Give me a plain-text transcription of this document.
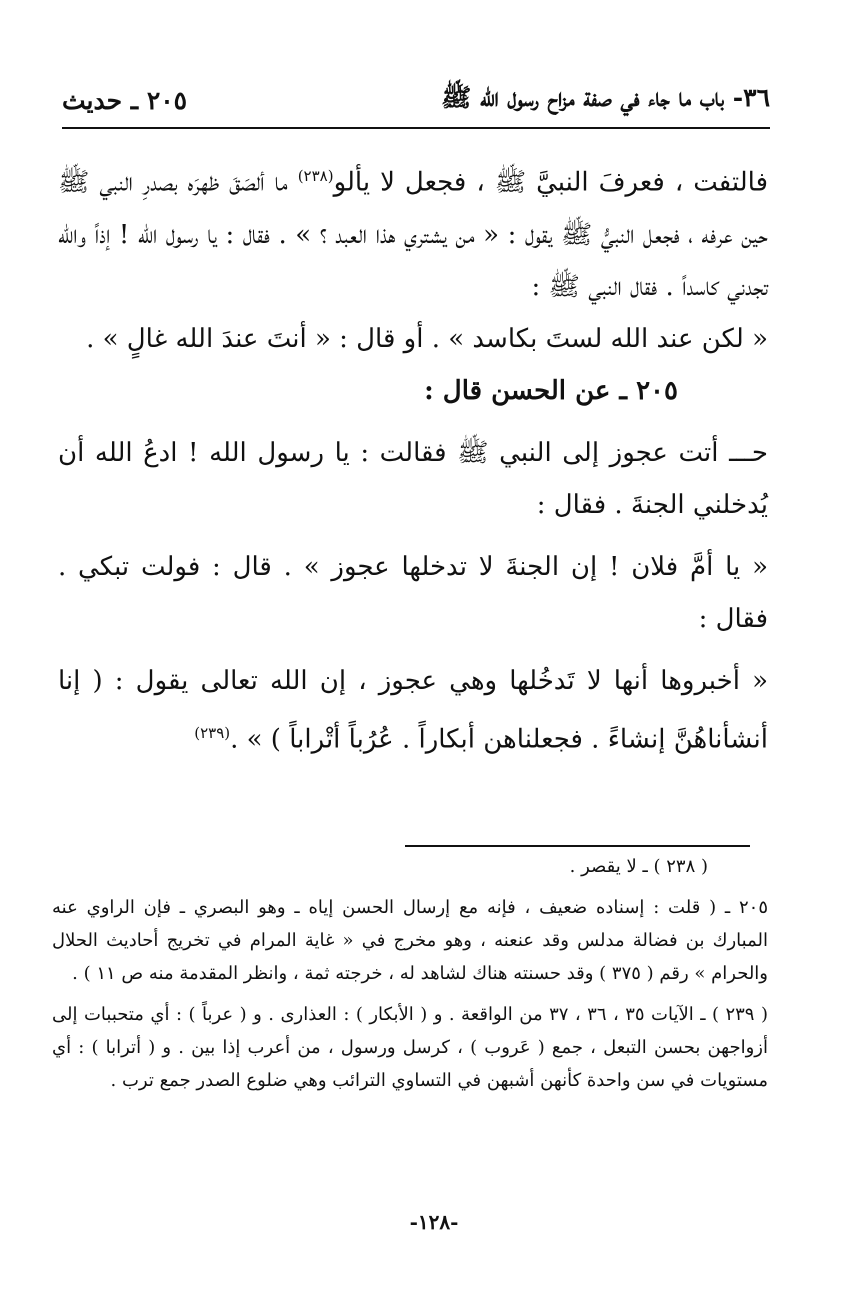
٣٦- باب ما جاء في صفة مزاح رسول الله ﷺ
٢٠٥ ـ حديث

فالتفت ، فعرفَ النبيَّ ﷺ ، فجعل لا يألو$^{(٢٣٨)}$ ما ألصَقَ ظهرَه بصدرِ النبي ﷺ حين عرفه ، فجعل النبيُّ ﷺ يقول : « من يشتري هذا العبد ؟ » . فقال : يا رسول الله ! إذاً والله تجدني كاسداً . فقال النبي ﷺ :

« لكن عند الله لستَ بكاسد » . أو قال : « أنتَ عندَ الله غالٍ » .

٢٠٥ ـ عن الحسن قال :

حـــ أتت عجوز إلى النبي ﷺ فقالت : يا رسول الله ! ادعُ الله أن يُدخلني الجنةَ . فقال :

« يا أمَّ فلان ! إن الجنةَ لا تدخلها عجوز » . قال : فولت تبكي . فقال :

« أخبروها أنها لا تَدخُلها وهي عجوز ، إن الله تعالى يقول : ( إنا أنشأناهُنَّ إنشاءً . فجعلناهن أبكاراً . عُرُباً أتْراباً ) » .$^{(٢٣٩)}$

( ٢٣٨ ) ـ لا يقصر .

٢٠٥ ـ ( قلت : إسناده ضعيف ، فإنه مع إرسال الحسن إياه ـ وهو البصري ـ فإن الراوي عنه المبارك بن فضالة مدلس وقد عنعنه ، وهو مخرج في « غاية المرام في تخريج أحاديث الحلال والحرام » رقم ( ٣٧٥ ) وقد حسنته هناك لشاهد له ، خرجته ثمة ، وانظر المقدمة منه ص ١١ ) .

( ٢٣٩ ) ـ الآيات ٣٥ ، ٣٦ ، ٣٧ من الواقعة . و ( الأبكار ) : العذارى . و ( عرباً ) : أي متحببات إلى أزواجهن بحسن التبعل ، جمع ( عَروب ) ، كرسل ورسول ، من أعرب إذا بين . و ( أترابا ) : أي مستويات في سن واحدة كأنهن أشبهن في التساوي الترائب وهي ضلوع الصدر جمع ترب .

-١٢٨-
